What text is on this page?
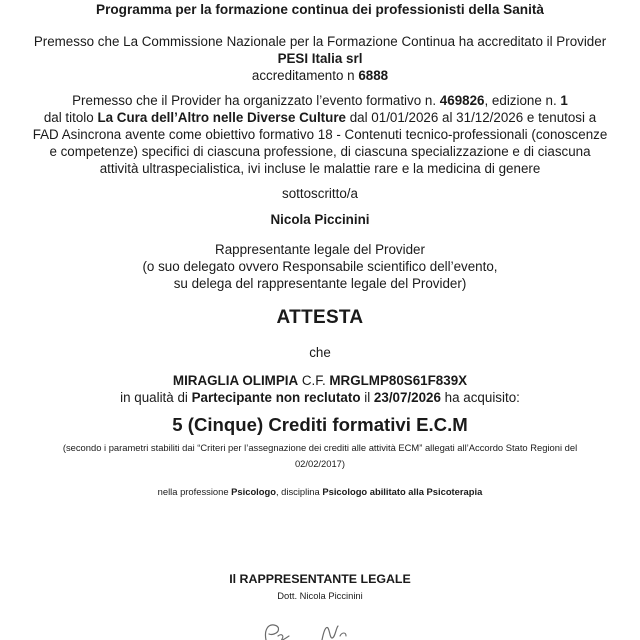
Programma per la formazione continua dei professionisti della Sanità
Premesso che La Commissione Nazionale per la Formazione Continua ha accreditato il Provider
PESI Italia srl
accreditamento n 6888
Premesso che il Provider ha organizzato l’evento formativo n. 469826, edizione n. 1
dal titolo La Cura dell’Altro nelle Diverse Culture dal 01/01/2026 al 31/12/2026 e tenutosi a
FAD Asincrona avente come obiettivo formativo 18 - Contenuti tecnico-professionali (conoscenze
e competenze) specifici di ciascuna professione, di ciascuna specializzazione e di ciascuna
attività ultraspecialistica, ivi incluse le malattie rare e la medicina di genere
sottoscritto/a
Nicola Piccinini
Rappresentante legale del Provider
(o suo delegato ovvero Responsabile scientifico dell’evento,
su delega del rappresentante legale del Provider)
ATTESTA
che
MIRAGLIA OLIMPIA C.F. MRGLMP80S61F839X
in qualità di Partecipante non reclutato il 23/07/2026 ha acquisito:
5 (Cinque) Crediti formativi E.C.M
(secondo i parametri stabiliti dai “Criteri per l’assegnazione dei crediti alle attività ECM” allegati all’Accordo Stato Regioni del
02/02/2017)
nella professione Psicologo, disciplina Psicologo abilitato alla Psicoterapia
Il RAPPRESENTANTE LEGALE
Dott. Nicola Piccinini
